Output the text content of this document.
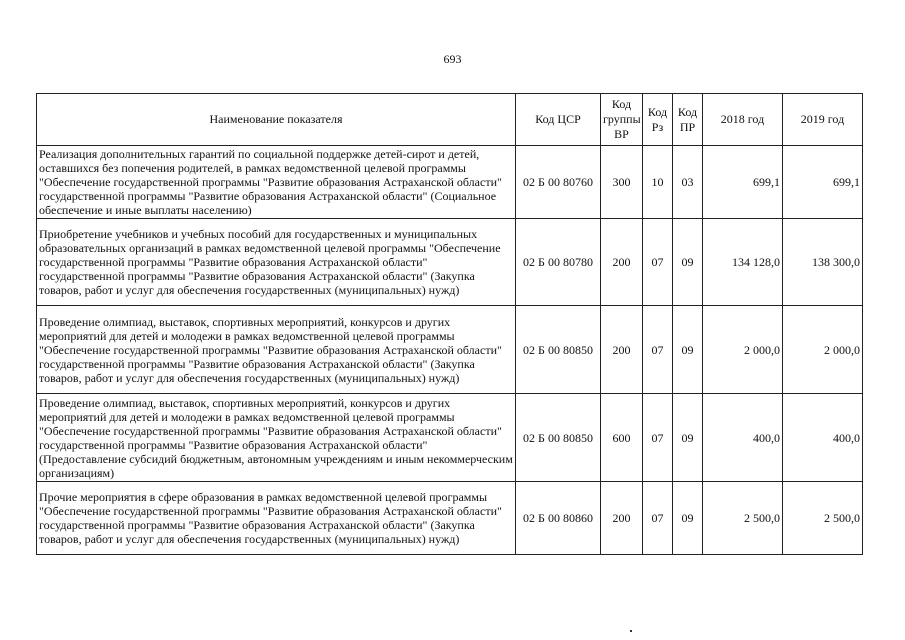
693
Наименование показателя	Код ЦСР	Код группы ВР	Код Рз	Код ПР	2018 год	2019 год
Реализация дополнительных гарантий по социальной поддержке детей-сирот и детей, оставшихся без попечения родителей, в рамках ведомственной целевой программы "Обеспечение государственной программы "Развитие образования Астраханской области" государственной программы "Развитие образования Астраханской области" (Социальное обеспечение и иные выплаты населению)	02 Б 00 80760	300	10	03	699,1	699,1
Приобретение учебников и учебных пособий для государственных и муниципальных образовательных организаций в рамках ведомственной целевой программы "Обеспечение государственной программы "Развитие образования Астраханской области" государственной программы "Развитие образования Астраханской области" (Закупка товаров, работ и услуг для обеспечения государственных (муниципальных) нужд)	02 Б 00 80780	200	07	09	134 128,0	138 300,0
Проведение олимпиад, выставок, спортивных мероприятий, конкурсов и других мероприятий для детей и молодежи в рамках ведомственной целевой программы "Обеспечение государственной программы "Развитие образования Астраханской области" государственной программы "Развитие образования Астраханской области" (Закупка товаров, работ и услуг для обеспечения государственных (муниципальных) нужд)	02 Б 00 80850	200	07	09	2 000,0	2 000,0
Проведение олимпиад, выставок, спортивных мероприятий, конкурсов и других мероприятий для детей и молодежи в рамках ведомственной целевой программы "Обеспечение государственной программы "Развитие образования Астраханской области" государственной программы "Развитие образования Астраханской области" (Предоставление субсидий бюджетным, автономным учреждениям и иным некоммерческим организациям)	02 Б 00 80850	600	07	09	400,0	400,0
Прочие мероприятия в сфере образования в рамках ведомственной целевой программы "Обеспечение государственной программы "Развитие образования Астраханской области" государственной программы "Развитие образования Астраханской области" (Закупка товаров, работ и услуг для обеспечения государственных (муниципальных) нужд)	02 Б 00 80860	200	07	09	2 500,0	2 500,0
